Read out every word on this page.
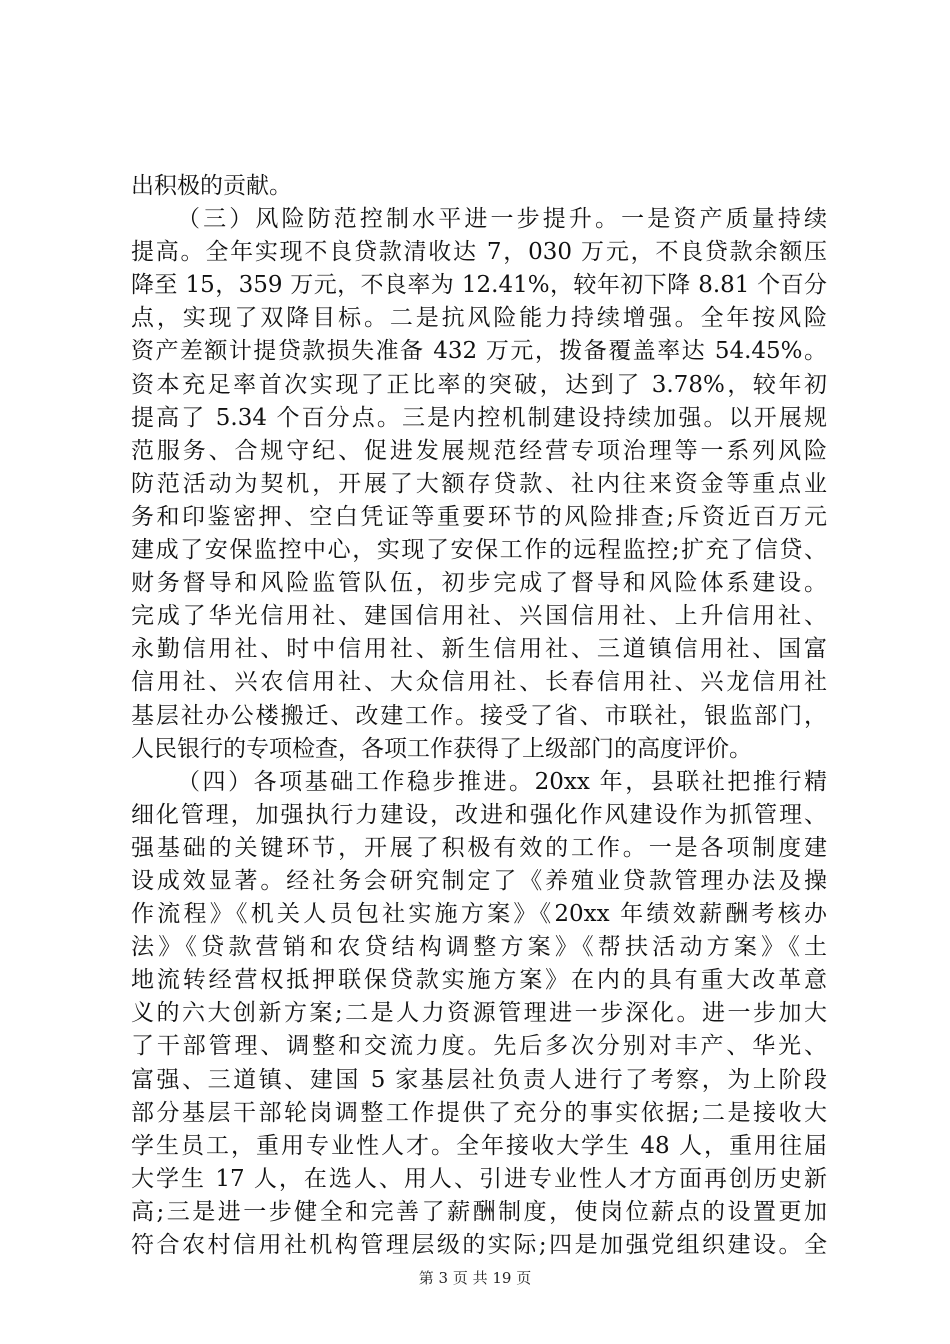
出积极的贡献。
（三）风险防范控制水平进一步提升。一是资产质量持续
提高。全年实现不良贷款清收达 7，030 万元，不良贷款余额压
降至 15，359 万元，不良率为 12.41%，较年初下降 8.81 个百分
点，实现了双降目标。二是抗风险能力持续增强。全年按风险
资产差额计提贷款损失准备 432 万元，拨备覆盖率达 54.45%。
资本充足率首次实现了正比率的突破，达到了 3.78%，较年初
提高了 5.34 个百分点。三是内控机制建设持续加强。以开展规
范服务、合规守纪、促进发展规范经营专项治理等一系列风险
防范活动为契机，开展了大额存贷款、社内往来资金等重点业
务和印鉴密押、空白凭证等重要环节的风险排查;斥资近百万元
建成了安保监控中心，实现了安保工作的远程监控;扩充了信贷、
财务督导和风险监管队伍，初步完成了督导和风险体系建设。
完成了华光信用社、建国信用社、兴国信用社、上升信用社、
永勤信用社、时中信用社、新生信用社、三道镇信用社、国富
信用社、兴农信用社、大众信用社、长春信用社、兴龙信用社
基层社办公楼搬迁、改建工作。接受了省、市联社，银监部门，
人民银行的专项检查，各项工作获得了上级部门的高度评价。
（四）各项基础工作稳步推进。20xx 年，县联社把推行精
细化管理，加强执行力建设，改进和强化作风建设作为抓管理、
强基础的关键环节，开展了积极有效的工作。一是各项制度建
设成效显著。经社务会研究制定了《养殖业贷款管理办法及操
作流程》《机关人员包社实施方案》《20xx 年绩效薪酬考核办
法》《贷款营销和农贷结构调整方案》《帮扶活动方案》《土
地流转经营权抵押联保贷款实施方案》在内的具有重大改革意
义的六大创新方案;二是人力资源管理进一步深化。进一步加大
了干部管理、调整和交流力度。先后多次分别对丰产、华光、
富强、三道镇、建国 5 家基层社负责人进行了考察，为上阶段
部分基层干部轮岗调整工作提供了充分的事实依据;二是接收大
学生员工，重用专业性人才。全年接收大学生 48 人，重用往届
大学生 17 人，在选人、用人、引进专业性人才方面再创历史新
高;三是进一步健全和完善了薪酬制度，使岗位薪点的设置更加
符合农村信用社机构管理层级的实际;四是加强党组织建设。全
第 3 页 共 19 页
